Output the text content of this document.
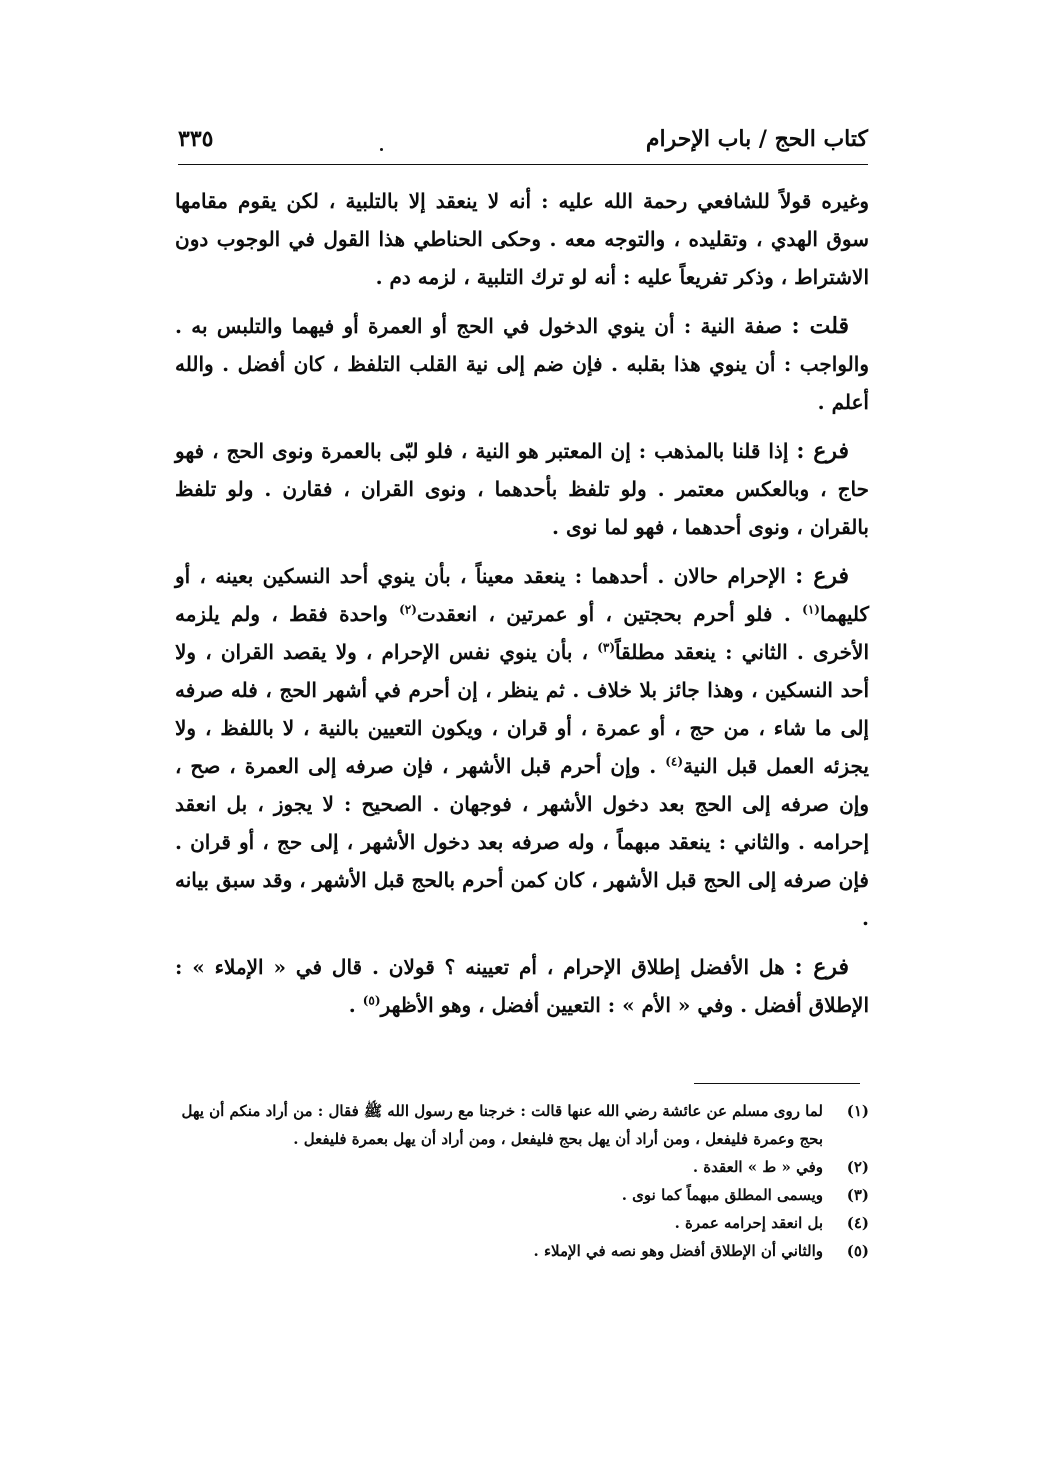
كتاب الحج / باب الإحرام
٣٣٥

وغيره قولاً للشافعي رحمة الله عليه : أنه لا ينعقد إلا بالتلبية ، لكن يقوم مقامها سوق الهدي ، وتقليده ، والتوجه معه . وحكى الحناطي هذا القول في الوجوب دون الاشتراط ، وذكر تفريعاً عليه : أنه لو ترك التلبية ، لزمه دم .

قلت : صفة النية : أن ينوي الدخول في الحج أو العمرة أو فيهما والتلبس به . والواجب : أن ينوي هذا بقلبه . فإن ضم إلى نية القلب التلفظ ، كان أفضل . والله أعلم .

فرع : إذا قلنا بالمذهب : إن المعتبر هو النية ، فلو لبّى بالعمرة ونوى الحج ، فهو حاج ، وبالعكس معتمر . ولو تلفظ بأحدهما ، ونوى القران ، فقارن . ولو تلفظ بالقران ، ونوى أحدهما ، فهو لما نوى .

فرع : الإحرام حالان . أحدهما : ينعقد معيناً ، بأن ينوي أحد النسكين بعينه ، أو كليهما$^{(١)}$ . فلو أحرم بحجتين ، أو عمرتين ، انعقدت$^{(٢)}$ واحدة فقط ، ولم يلزمه الأخرى . الثاني : ينعقد مطلقاً$^{(٣)}$ ، بأن ينوي نفس الإحرام ، ولا يقصد القران ، ولا أحد النسكين ، وهذا جائز بلا خلاف . ثم ينظر ، إن أحرم في أشهر الحج ، فله صرفه إلى ما شاء ، من حج ، أو عمرة ، أو قران ، ويكون التعيين بالنية ، لا باللفظ ، ولا يجزئه العمل قبل النية$^{(٤)}$ . وإن أحرم قبل الأشهر ، فإن صرفه إلى العمرة ، صح ، وإن صرفه إلى الحج بعد دخول الأشهر ، فوجهان . الصحيح : لا يجوز ، بل انعقد إحرامه . والثاني : ينعقد مبهماً ، وله صرفه بعد دخول الأشهر ، إلى حج ، أو قران . فإن صرفه إلى الحج قبل الأشهر ، كان كمن أحرم بالحج قبل الأشهر ، وقد سبق بيانه .

فرع : هل الأفضل إطلاق الإحرام ، أم تعيينه ؟ قولان . قال في « الإملاء » : الإطلاق أفضل . وفي « الأم » : التعيين أفضل ، وهو الأظهر$^{(٥)}$ .

(١)
لما روى مسلم عن عائشة رضي الله عنها قالت : خرجنا مع رسول الله ﷺ فقال : من أراد منكم أن يهل بحج وعمرة فليفعل ، ومن أراد أن يهل بحج فليفعل ، ومن أراد أن يهل بعمرة فليفعل .

(٢)
وفي « ط » العقدة .

(٣)
ويسمى المطلق مبهماً كما نوى .

(٤)
بل انعقد إحرامه عمرة .

(٥)
والثاني أن الإطلاق أفضل وهو نصه في الإملاء .
